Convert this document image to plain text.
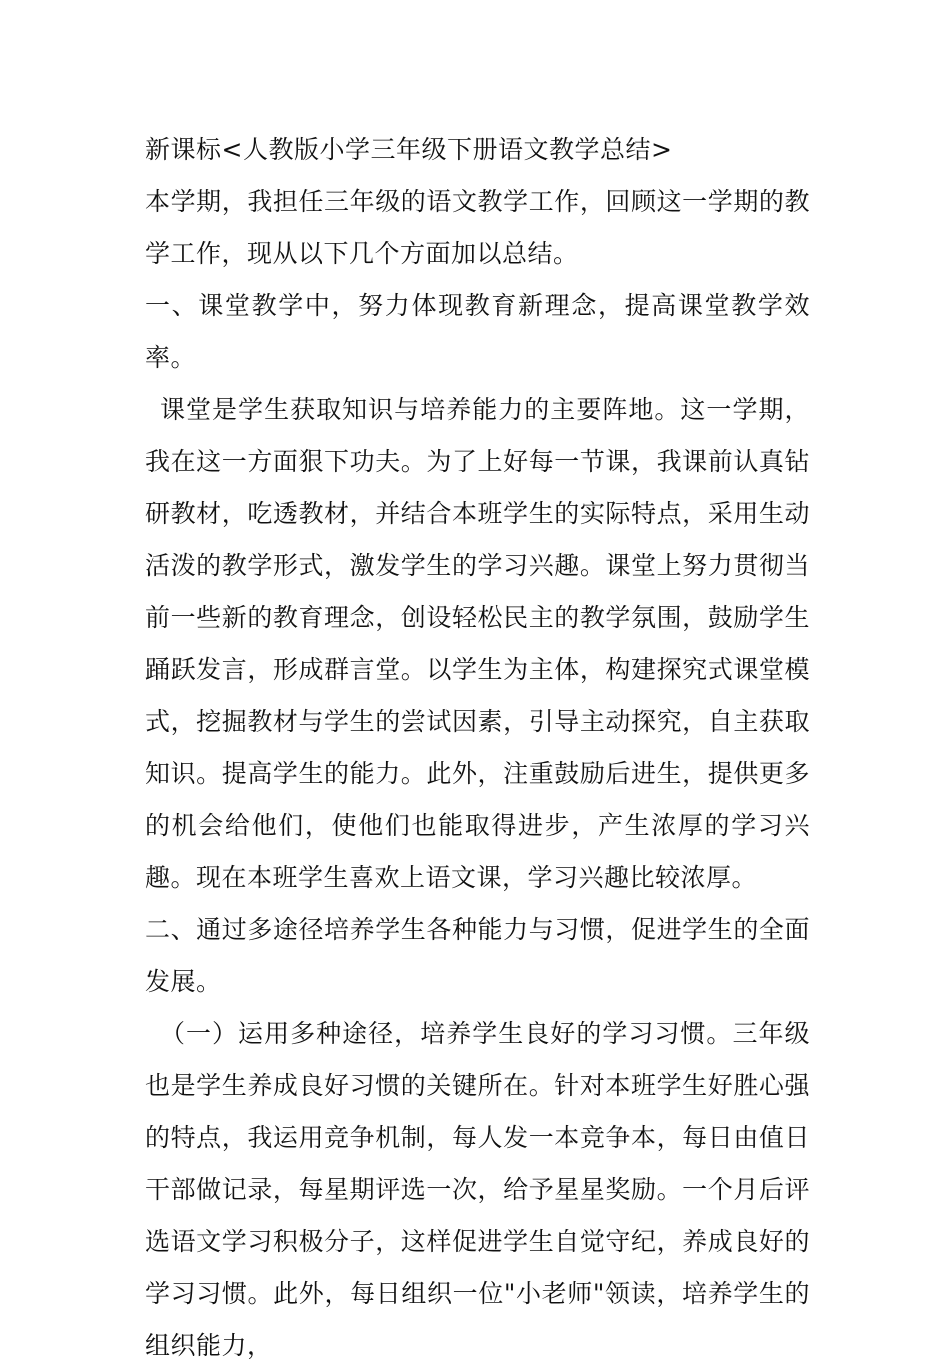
新课标<人教版小学三年级下册语文教学总结>

本学期，我担任三年级的语文教学工作，回顾这一学期的教学工作，现从以下几个方面加以总结。

一、课堂教学中，努力体现教育新理念，提高课堂教学效率。

课堂是学生获取知识与培养能力的主要阵地。这一学期，我在这一方面狠下功夫。为了上好每一节课，我课前认真钻研教材，吃透教材，并结合本班学生的实际特点，采用生动活泼的教学形式，激发学生的学习兴趣。课堂上努力贯彻当前一些新的教育理念，创设轻松民主的教学氛围，鼓励学生踊跃发言，形成群言堂。以学生为主体，构建探究式课堂模式，挖掘教材与学生的尝试因素，引导主动探究，自主获取知识。提高学生的能力。此外，注重鼓励后进生，提供更多的机会给他们，使他们也能取得进步，产生浓厚的学习兴趣。现在本班学生喜欢上语文课，学习兴趣比较浓厚。

二、通过多途径培养学生各种能力与习惯，促进学生的全面发展。

（一）运用多种途径，培养学生良好的学习习惯。三年级也是学生养成良好习惯的关键所在。针对本班学生好胜心强的特点，我运用竞争机制，每人发一本竞争本，每日由值日干部做记录，每星期评选一次，给予星星奖励。一个月后评选语文学习积极分子，这样促进学生自觉守纪，养成良好的学习习惯。此外，每日组织一位"小老师"领读，培养学生的组织能力，
